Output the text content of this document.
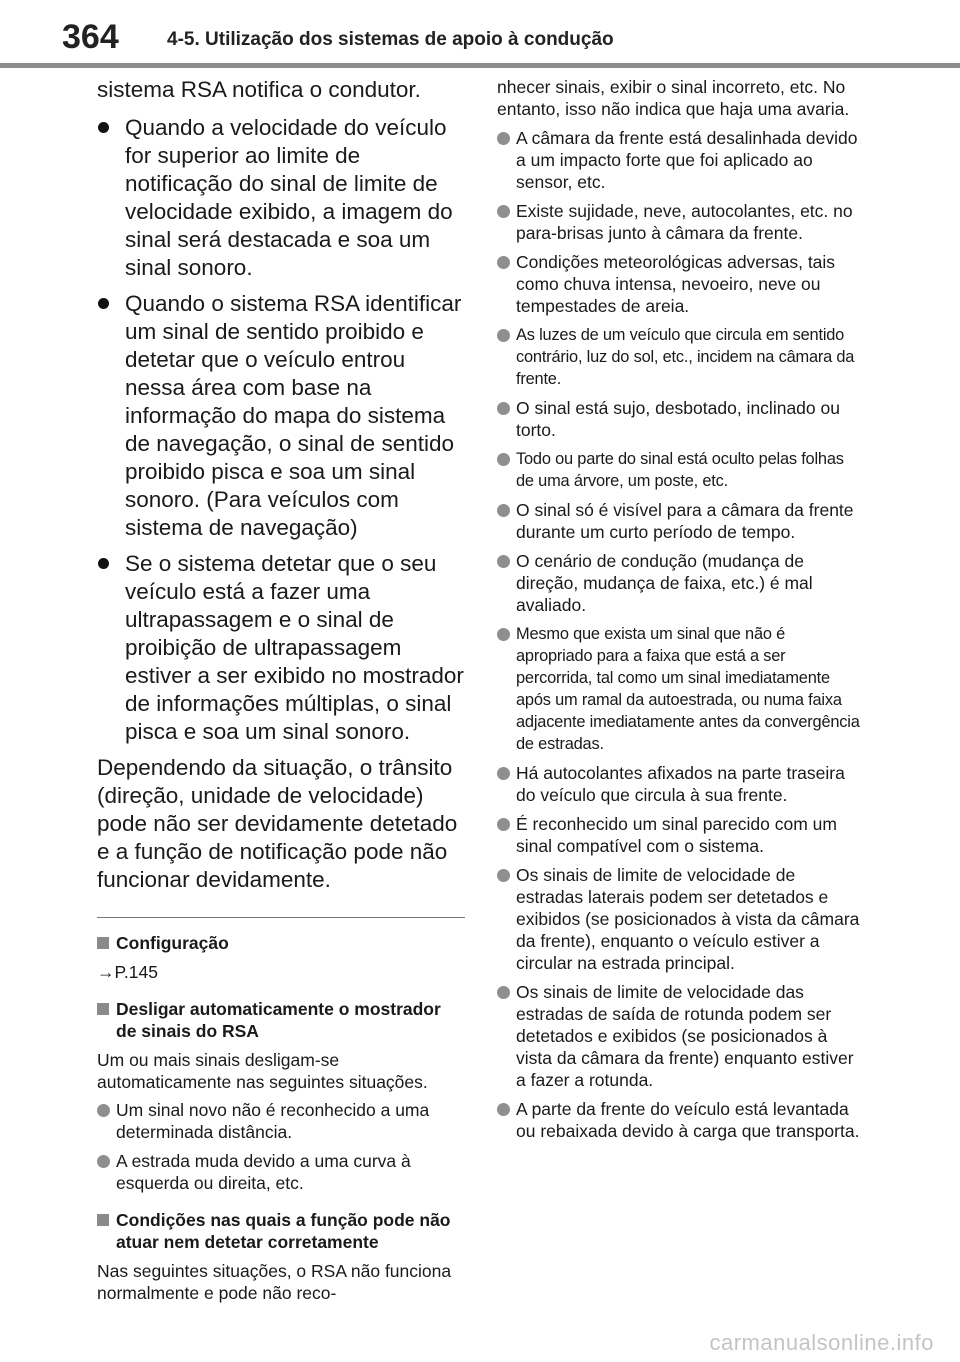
364	4-5. Utilização dos sistemas de apoio à condução

sistema RSA notifica o condutor.

Quando a velocidade do veículo for superior ao limite de notificação do sinal de limite de velocidade exibido, a imagem do sinal será destacada e soa um sinal sonoro.
Quando o sistema RSA identificar um sinal de sentido proibido e detetar que o veículo entrou nessa área com base na informação do mapa do sistema de navegação, o sinal de sentido proibido pisca e soa um sinal sonoro. (Para veículos com sistema de navegação)
Se o sistema detetar que o seu veículo está a fazer uma ultrapassagem e o sinal de proibição de ultrapassagem estiver a ser exibido no mostrador de informações múltiplas, o sinal pisca e soa um sinal sonoro.

Dependendo da situação, o trânsito (direção, unidade de velocidade) pode não ser devidamente detetado e a função de notificação pode não funcionar devidamente.

Configuração

→P.145

Desligar automaticamente o mostrador de sinais do RSA

Um ou mais sinais desligam-se automaticamente nas seguintes situações.

Um sinal novo não é reconhecido a uma determinada distância.
A estrada muda devido a uma curva à esquerda ou direita, etc.
Condições nas quais a função pode não atuar nem detetar corretamente

Nas seguintes situações, o RSA não funciona normalmente e pode não reco-

nhecer sinais, exibir o sinal incorreto, etc. No entanto, isso não indica que haja uma avaria.

A câmara da frente está desalinhada devido a um impacto forte que foi aplicado ao sensor, etc.
Existe sujidade, neve, autocolantes, etc. no para-brisas junto à câmara da frente.
Condições meteorológicas adversas, tais como chuva intensa, nevoeiro, neve ou tempestades de areia.
As luzes de um veículo que circula em sentido contrário, luz do sol, etc., incidem na câmara da frente.
O sinal está sujo, desbotado, inclinado ou torto.
Todo ou parte do sinal está oculto pelas folhas de uma árvore, um poste, etc.
O sinal só é visível para a câmara da frente durante um curto período de tempo.
O cenário de condução (mudança de direção, mudança de faixa, etc.) é mal avaliado.
Mesmo que exista um sinal que não é apropriado para a faixa que está a ser percorrida, tal como um sinal imediatamente após um ramal da autoestrada, ou numa faixa adjacente imediatamente antes da convergência de estradas.
Há autocolantes afixados na parte traseira do veículo que circula à sua frente.
É reconhecido um sinal parecido com um sinal compatível com o sistema.
Os sinais de limite de velocidade de estradas laterais podem ser detetados e exibidos (se posicionados à vista da câmara da frente), enquanto o veículo estiver a circular na estrada principal.
Os sinais de limite de velocidade das estradas de saída de rotunda podem ser detetados e exibidos (se posicionados à vista da câmara da frente) enquanto estiver a fazer a rotunda.
A parte da frente do veículo está levantada ou rebaixada devido à carga que transporta.
carmanualsonline.info
